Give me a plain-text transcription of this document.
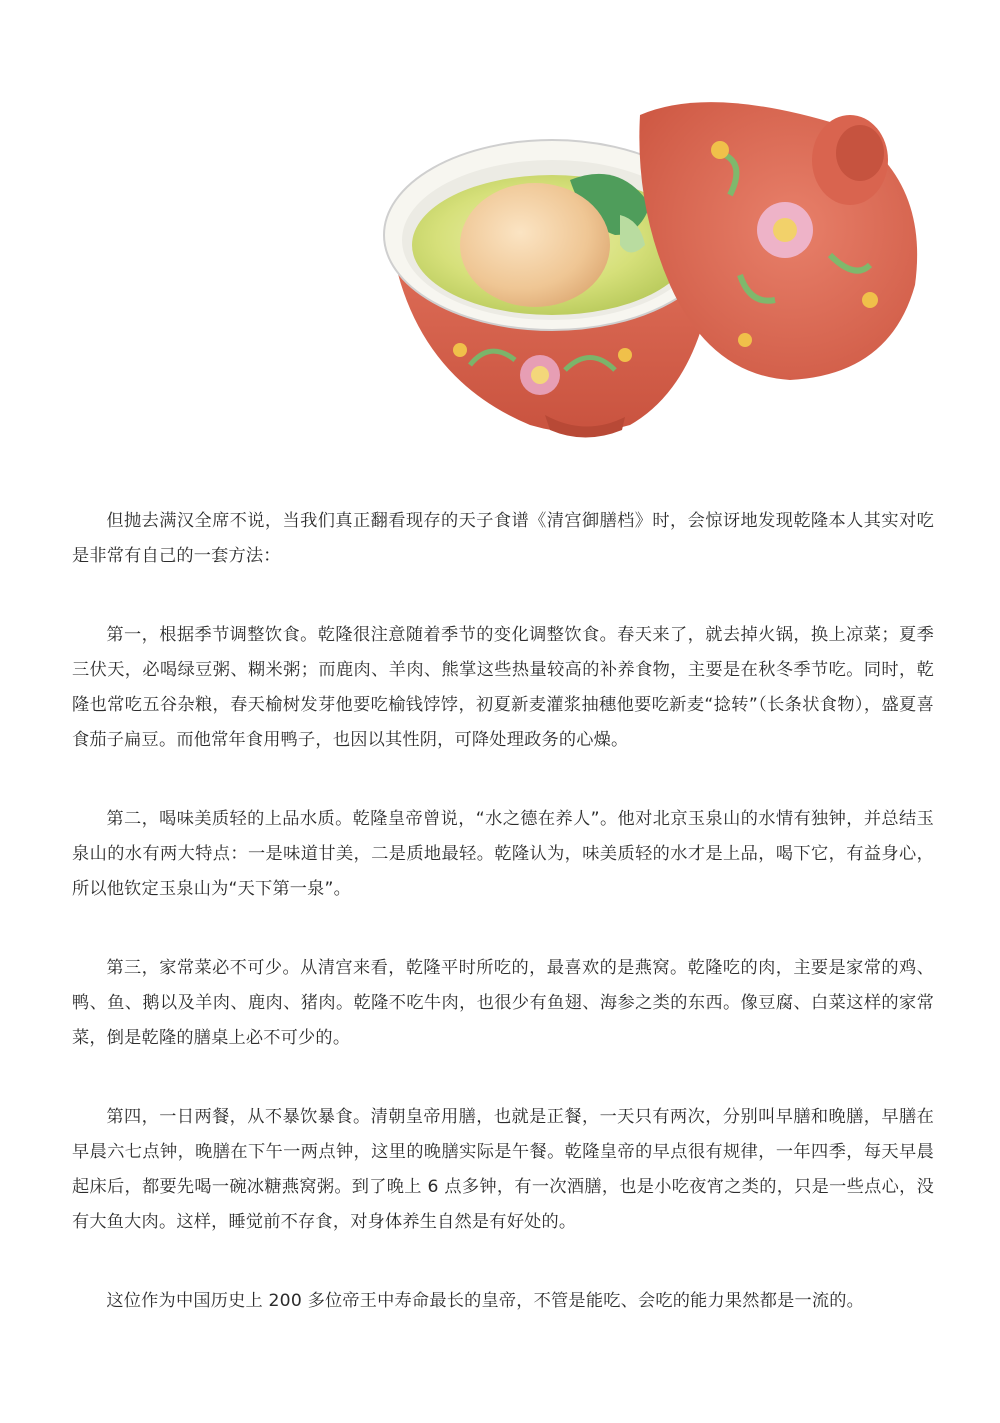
但抛去满汉全席不说，当我们真正翻看现存的天子食谱《清宫御膳档》时，会惊讶地发现乾隆本人其实对吃是非常有自己的一套方法：

第一，根据季节调整饮食。乾隆很注意随着季节的变化调整饮食。春天来了，就去掉火锅，换上凉菜；夏季三伏天，必喝绿豆粥、糊米粥；而鹿肉、羊肉、熊掌这些热量较高的补养食物，主要是在秋冬季节吃。同时，乾隆也常吃五谷杂粮，春天榆树发芽他要吃榆钱饽饽，初夏新麦灌浆抽穗他要吃新麦“捻转”（长条状食物），盛夏喜食茄子扁豆。而他常年食用鸭子，也因以其性阴，可降处理政务的心燥。

第二，喝味美质轻的上品水质。乾隆皇帝曾说，“水之德在养人”。他对北京玉泉山的水情有独钟，并总结玉泉山的水有两大特点：一是味道甘美，二是质地最轻。乾隆认为，味美质轻的水才是上品，喝下它，有益身心，所以他钦定玉泉山为“天下第一泉”。

第三，家常菜必不可少。从清宫来看，乾隆平时所吃的，最喜欢的是燕窝。乾隆吃的肉，主要是家常的鸡、鸭、鱼、鹅以及羊肉、鹿肉、猪肉。乾隆不吃牛肉，也很少有鱼翅、海参之类的东西。像豆腐、白菜这样的家常菜，倒是乾隆的膳桌上必不可少的。

第四，一日两餐，从不暴饮暴食。清朝皇帝用膳，也就是正餐，一天只有两次，分别叫早膳和晚膳，早膳在早晨六七点钟，晚膳在下午一两点钟，这里的晚膳实际是午餐。乾隆皇帝的早点很有规律，一年四季，每天早晨起床后，都要先喝一碗冰糖燕窝粥。到了晚上 6 点多钟，有一次酒膳，也是小吃夜宵之类的，只是一些点心，没有大鱼大肉。这样，睡觉前不存食，对身体养生自然是有好处的。

这位作为中国历史上 200 多位帝王中寿命最长的皇帝，不管是能吃、会吃的能力果然都是一流的。
